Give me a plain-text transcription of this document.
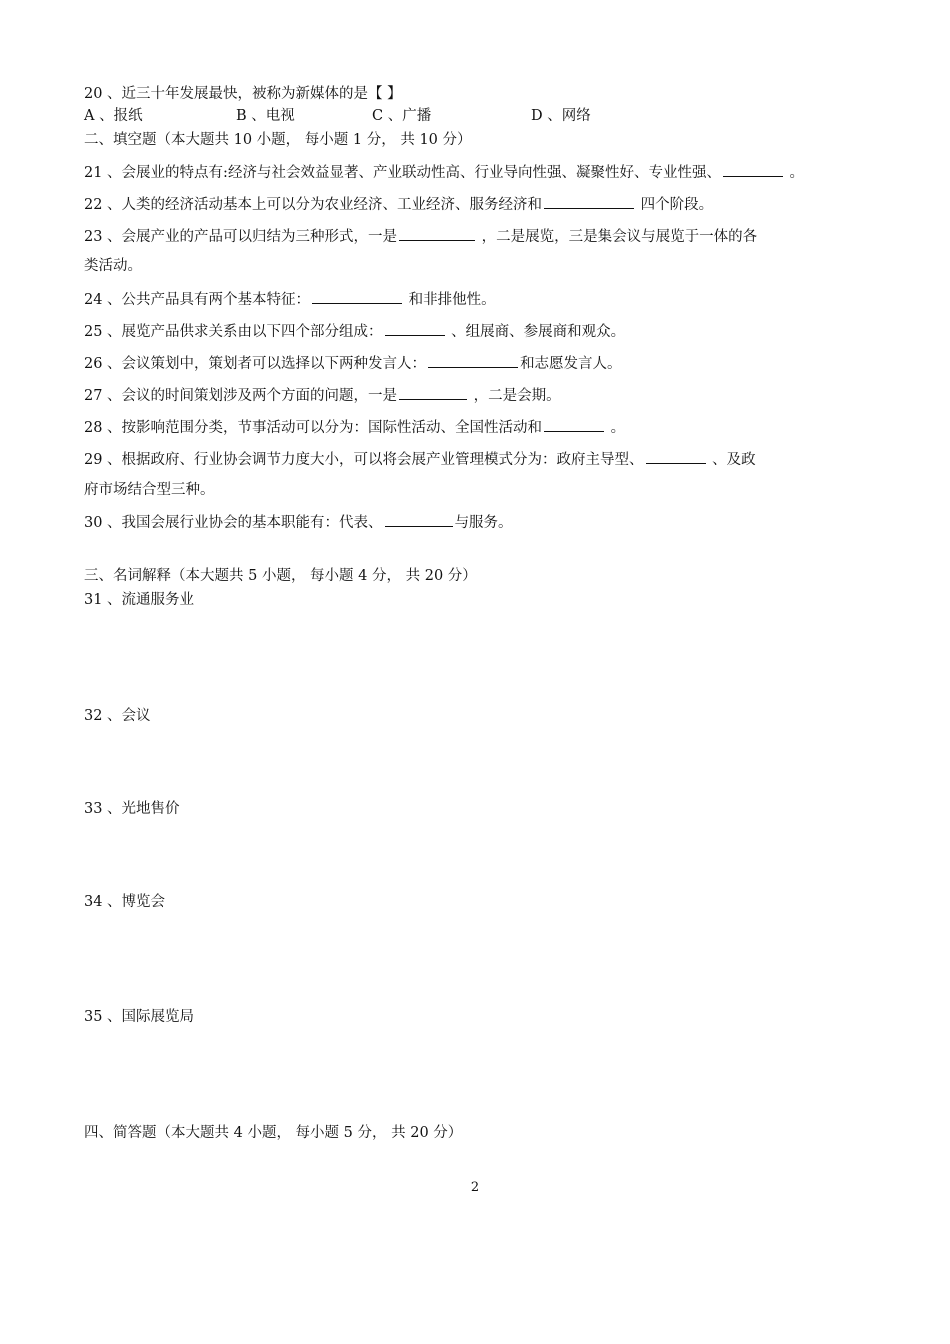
20 、近三十年发展最快，被称为新媒体的是【 】
A 、报纸	B 、电视	C 、广播	D 、网络
二、填空题（本大题共 10 小题， 每小题 1 分， 共 10 分）
21 、会展业的特点有:经济与社会效益显著、产业联动性高、行业导向性强、凝聚性好、专业性强、	。
22 、人类的经济活动基本上可以分为农业经济、工业经济、服务经济和	四个阶段。
23 、会展产业的产品可以归结为三种形式，一是	，二是展览，三是集会议与展览于一体的各
类活动。
24 、公共产品具有两个基本特征：	和非排他性。
25 、展览产品供求关系由以下四个部分组成：	、组展商、参展商和观众。
26 、会议策划中，策划者可以选择以下两种发言人：	和志愿发言人。
27 、会议的时间策划涉及两个方面的问题，一是	，二是会期。
28 、按影响范围分类，节事活动可以分为：国际性活动、全国性活动和	。
29 、根据政府、行业协会调节力度大小，可以将会展产业管理模式分为：政府主导型、	、及政
府市场结合型三种。
30 、我国会展行业协会的基本职能有：代表、	与服务。
三、名词解释（本大题共 5 小题， 每小题 4 分， 共 20 分）
31 、流通服务业
32 、会议
33 、光地售价
34 、博览会
35 、国际展览局
四、简答题（本大题共 4 小题， 每小题 5 分， 共 20 分）
2
